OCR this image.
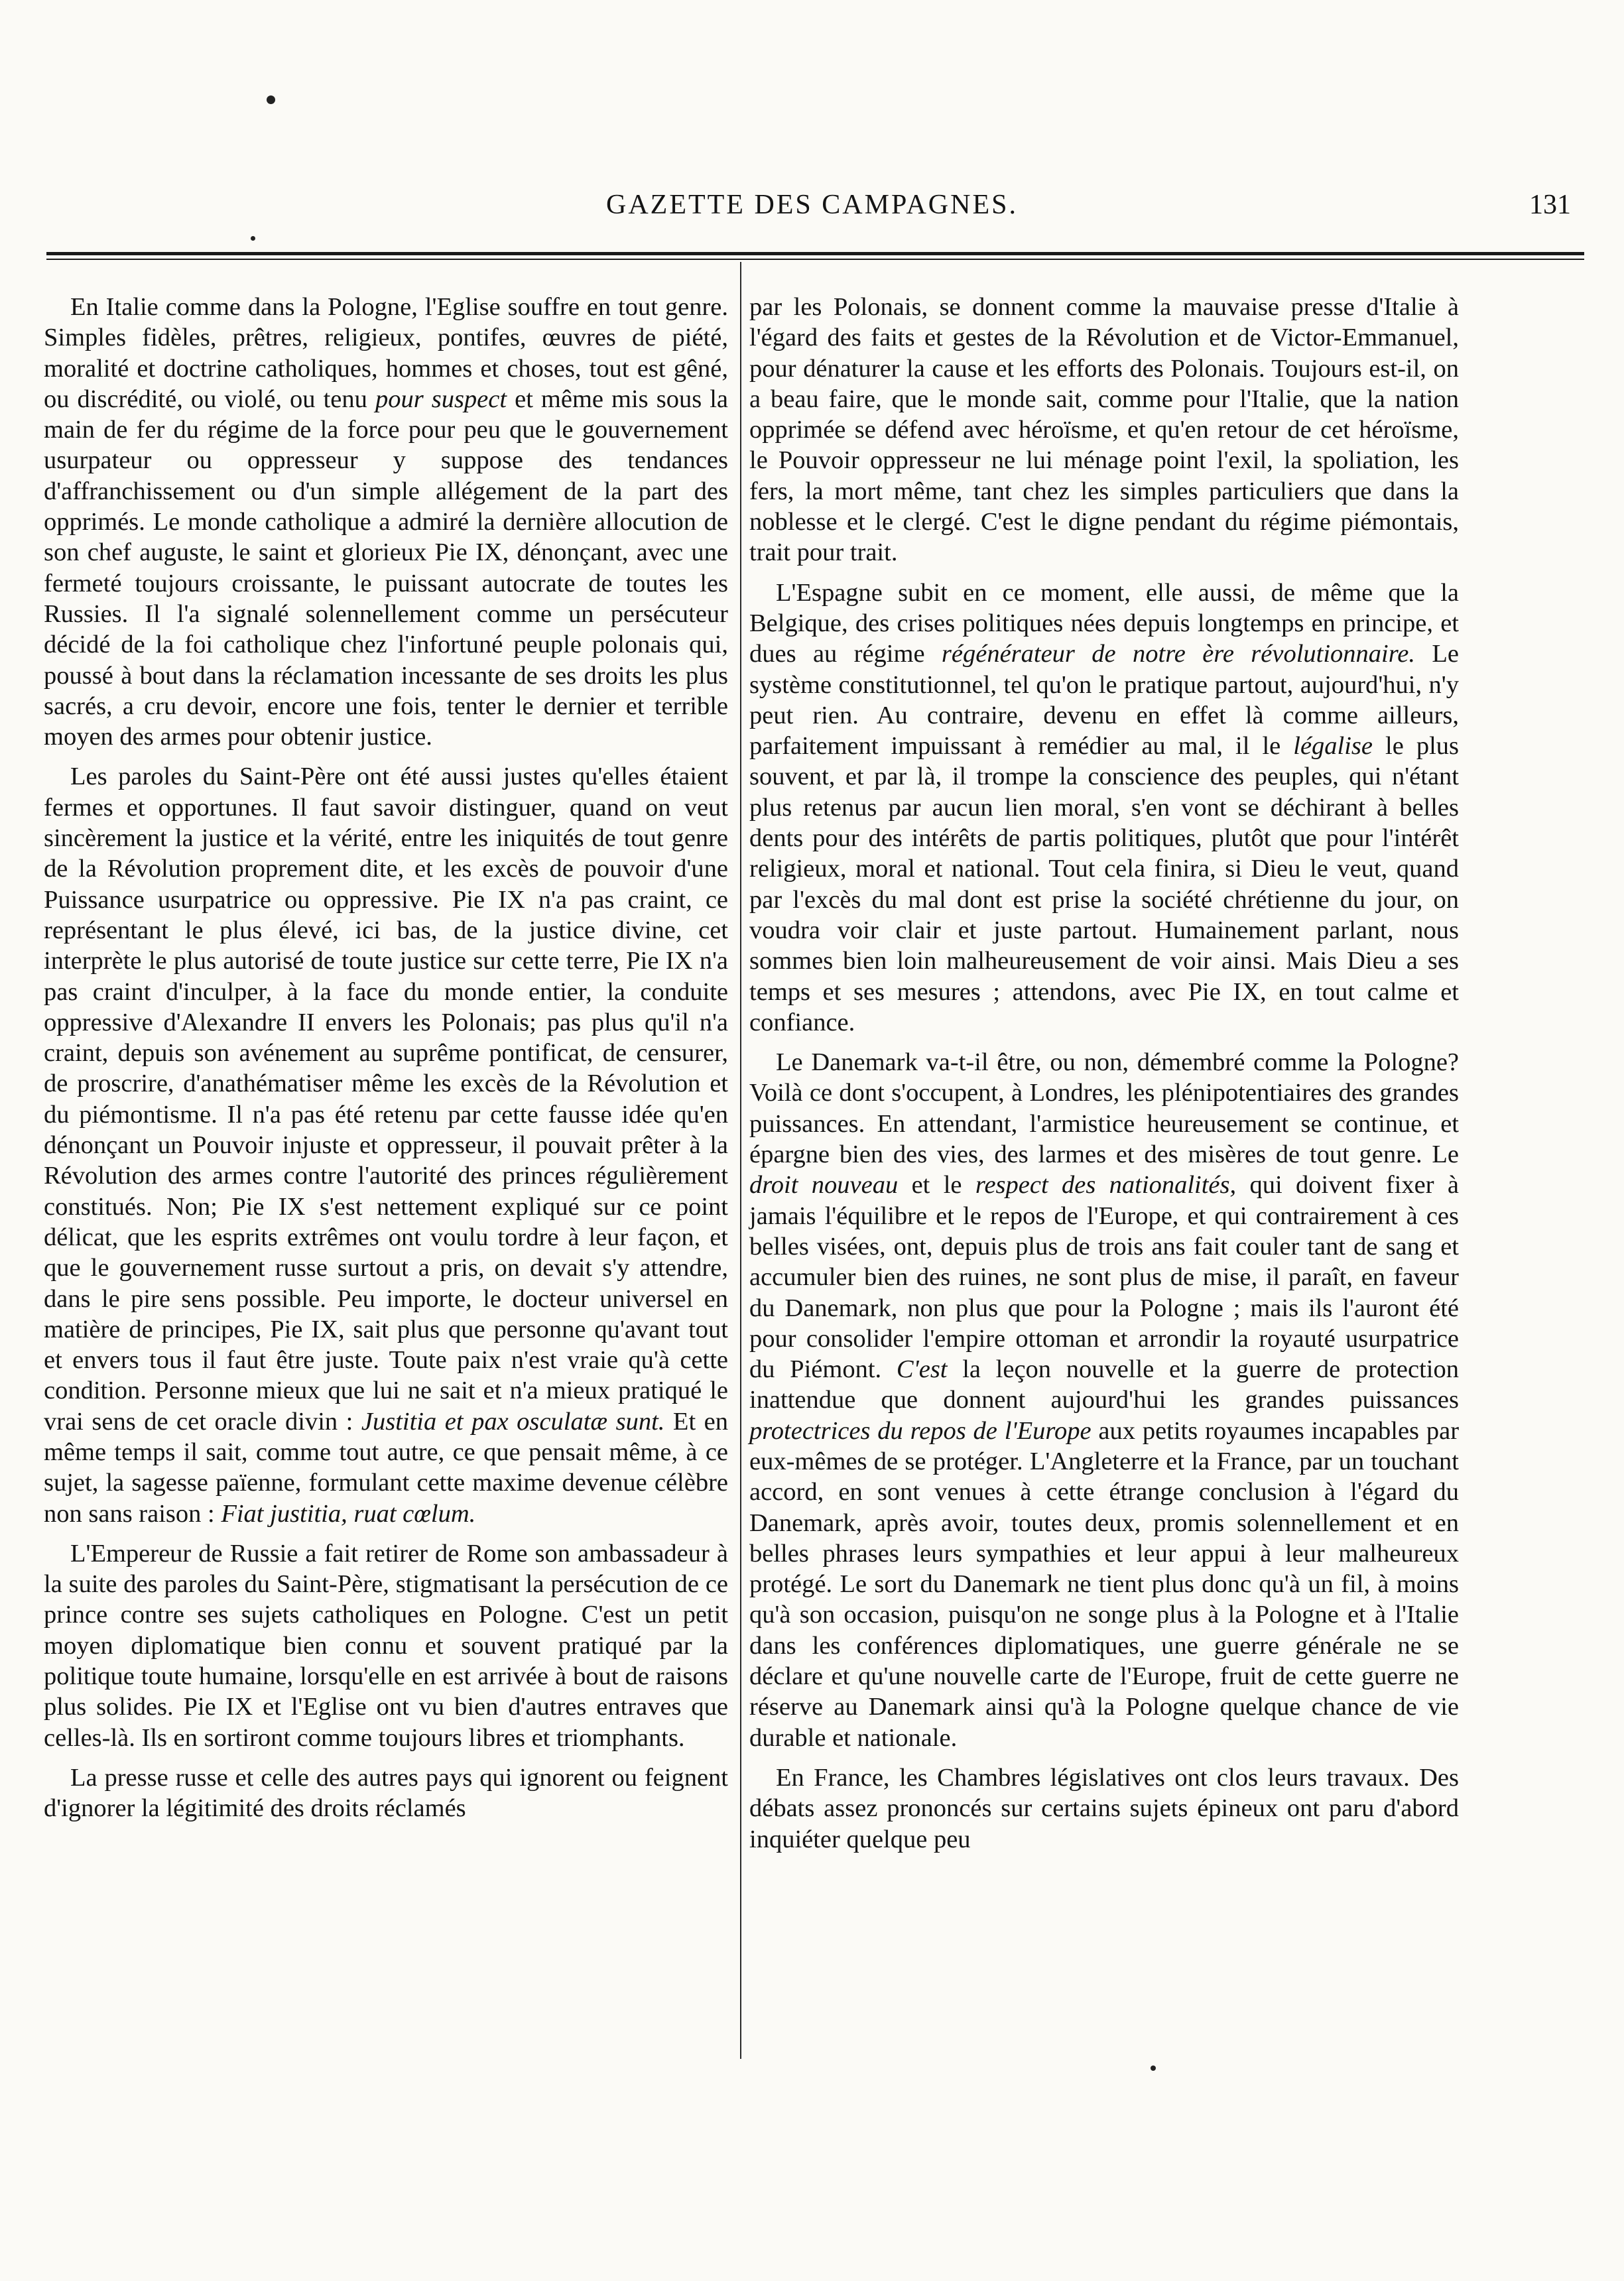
GAZETTE DES CAMPAGNES.	131

En Italie comme dans la Pologne, l'Eglise souffre en tout genre. Simples fidèles, prêtres, religieux, pontifes, œuvres de piété, moralité et doctrine catholiques, hommes et choses, tout est gêné, ou discrédité, ou violé, ou tenu pour suspect et même mis sous la main de fer du régime de la force pour peu que le gouvernement usurpateur ou oppresseur y suppose des tendances d'affranchissement ou d'un simple allégement de la part des opprimés. Le monde catholique a admiré la dernière allocution de son chef auguste, le saint et glorieux Pie IX, dénonçant, avec une fermeté toujours croissante, le puissant autocrate de toutes les Russies. Il l'a signalé solennellement comme un persécuteur décidé de la foi catholique chez l'infortuné peuple polonais qui, poussé à bout dans la réclamation incessante de ses droits les plus sacrés, a cru devoir, encore une fois, tenter le dernier et terrible moyen des armes pour obtenir justice.

Les paroles du Saint-Père ont été aussi justes qu'elles étaient fermes et opportunes. Il faut savoir distinguer, quand on veut sincèrement la justice et la vérité, entre les iniquités de tout genre de la Révolution proprement dite, et les excès de pouvoir d'une Puissance usurpatrice ou oppressive. Pie IX n'a pas craint, ce représentant le plus élevé, ici bas, de la justice divine, cet interprète le plus autorisé de toute justice sur cette terre, Pie IX n'a pas craint d'inculper, à la face du monde entier, la conduite oppressive d'Alexandre II envers les Polonais; pas plus qu'il n'a craint, depuis son avénement au suprême pontificat, de censurer, de proscrire, d'anathématiser même les excès de la Révolution et du piémontisme. Il n'a pas été retenu par cette fausse idée qu'en dénonçant un Pouvoir injuste et oppresseur, il pouvait prêter à la Révolution des armes contre l'autorité des princes régulièrement constitués. Non; Pie IX s'est nettement expliqué sur ce point délicat, que les esprits extrêmes ont voulu tordre à leur façon, et que le gouvernement russe surtout a pris, on devait s'y attendre, dans le pire sens possible. Peu importe, le docteur universel en matière de principes, Pie IX, sait plus que personne qu'avant tout et envers tous il faut être juste. Toute paix n'est vraie qu'à cette condition. Personne mieux que lui ne sait et n'a mieux pratiqué le vrai sens de cet oracle divin : Justitia et pax osculatæ sunt. Et en même temps il sait, comme tout autre, ce que pensait même, à ce sujet, la sagesse païenne, formulant cette maxime devenue célèbre non sans raison : Fiat justitia, ruat cœlum.

L'Empereur de Russie a fait retirer de Rome son ambassadeur à la suite des paroles du Saint-Père, stigmatisant la persécution de ce prince contre ses sujets catholiques en Pologne. C'est un petit moyen diplomatique bien connu et souvent pratiqué par la politique toute humaine, lorsqu'elle en est arrivée à bout de raisons plus solides. Pie IX et l'Eglise ont vu bien d'autres entraves que celles-là. Ils en sortiront comme toujours libres et triomphants.

La presse russe et celle des autres pays qui ignorent ou feignent d'ignorer la légitimité des droits réclamés

par les Polonais, se donnent comme la mauvaise presse d'Italie à l'égard des faits et gestes de la Révolution et de Victor-Emmanuel, pour dénaturer la cause et les efforts des Polonais. Toujours est-il, on a beau faire, que le monde sait, comme pour l'Italie, que la nation opprimée se défend avec héroïsme, et qu'en retour de cet héroïsme, le Pouvoir oppresseur ne lui ménage point l'exil, la spoliation, les fers, la mort même, tant chez les simples particuliers que dans la noblesse et le clergé. C'est le digne pendant du régime piémontais, trait pour trait.

L'Espagne subit en ce moment, elle aussi, de même que la Belgique, des crises politiques nées depuis longtemps en principe, et dues au régime régénérateur de notre ère révolutionnaire. Le système constitutionnel, tel qu'on le pratique partout, aujourd'hui, n'y peut rien. Au contraire, devenu en effet là comme ailleurs, parfaitement impuissant à remédier au mal, il le légalise le plus souvent, et par là, il trompe la conscience des peuples, qui n'étant plus retenus par aucun lien moral, s'en vont se déchirant à belles dents pour des intérêts de partis politiques, plutôt que pour l'intérêt religieux, moral et national. Tout cela finira, si Dieu le veut, quand par l'excès du mal dont est prise la société chrétienne du jour, on voudra voir clair et juste partout. Humainement parlant, nous sommes bien loin malheureusement de voir ainsi. Mais Dieu a ses temps et ses mesures ; attendons, avec Pie IX, en tout calme et confiance.

Le Danemark va-t-il être, ou non, démembré comme la Pologne? Voilà ce dont s'occupent, à Londres, les plénipotentiaires des grandes puissances. En attendant, l'armistice heureusement se continue, et épargne bien des vies, des larmes et des misères de tout genre. Le droit nouveau et le respect des nationalités, qui doivent fixer à jamais l'équilibre et le repos de l'Europe, et qui contrairement à ces belles visées, ont, depuis plus de trois ans fait couler tant de sang et accumuler bien des ruines, ne sont plus de mise, il paraît, en faveur du Danemark, non plus que pour la Pologne ; mais ils l'auront été pour consolider l'empire ottoman et arrondir la royauté usurpatrice du Piémont. C'est la leçon nouvelle et la guerre de protection inattendue que donnent aujourd'hui les grandes puissances protectrices du repos de l'Europe aux petits royaumes incapables par eux-mêmes de se protéger. L'Angleterre et la France, par un touchant accord, en sont venues à cette étrange conclusion à l'égard du Danemark, après avoir, toutes deux, promis solennellement et en belles phrases leurs sympathies et leur appui à leur malheureux protégé. Le sort du Danemark ne tient plus donc qu'à un fil, à moins qu'à son occasion, puisqu'on ne songe plus à la Pologne et à l'Italie dans les conférences diplomatiques, une guerre générale ne se déclare et qu'une nouvelle carte de l'Europe, fruit de cette guerre ne réserve au Danemark ainsi qu'à la Pologne quelque chance de vie durable et nationale.

En France, les Chambres législatives ont clos leurs travaux. Des débats assez prononcés sur certains sujets épineux ont paru d'abord inquiéter quelque peu
